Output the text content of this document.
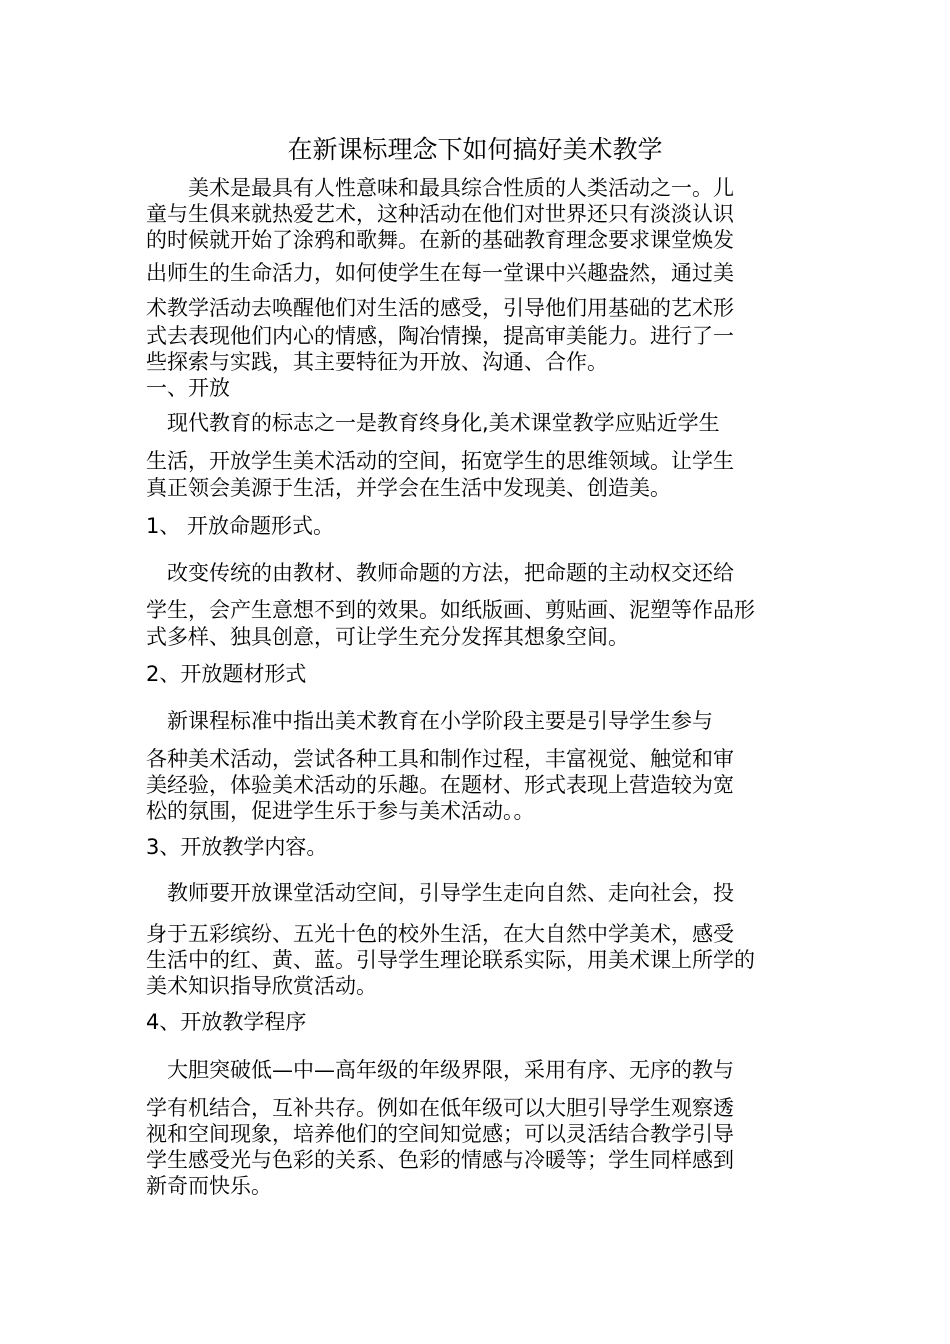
在新课标理念下如何搞好美术教学
　　美术是最具有人性意味和最具综合性质的人类活动之一。儿
童与生俱来就热爱艺术，这种活动在他们对世界还只有淡淡认识
的时候就开始了涂鸦和歌舞。在新的基础教育理念要求课堂焕发
出师生的生命活力，如何使学生在每一堂课中兴趣盎然，通过美
术教学活动去唤醒他们对生活的感受，引导他们用基础的艺术形
式去表现他们内心的情感，陶冶情操，提高审美能力。进行了一
些探索与实践，其主要特征为开放、沟通、合作。
一、开放
　现代教育的标志之一是教育终身化,美术课堂教学应贴近学生
生活，开放学生美术活动的空间，拓宽学生的思维领域。让学生
真正领会美源于生活，并学会在生活中发现美、创造美。
1、 开放命题形式。
　改变传统的由教材、教师命题的方法，把命题的主动权交还给
学生，会产生意想不到的效果。如纸版画、剪贴画、泥塑等作品形
式多样、独具创意，可让学生充分发挥其想象空间。
2、开放题材形式
　新课程标准中指出美术教育在小学阶段主要是引导学生参与
各种美术活动，尝试各种工具和制作过程，丰富视觉、触觉和审
美经验，体验美术活动的乐趣。在题材、形式表现上营造较为宽
松的氛围，促进学生乐于参与美术活动。。
3、开放教学内容。
　教师要开放课堂活动空间，引导学生走向自然、走向社会，投
身于五彩缤纷、五光十色的校外生活，在大自然中学美术，感受
生活中的红、黄、蓝。引导学生理论联系实际，用美术课上所学的
美术知识指导欣赏活动。
4、开放教学程序
　大胆突破低—中—高年级的年级界限，采用有序、无序的教与
学有机结合，互补共存。例如在低年级可以大胆引导学生观察透
视和空间现象，培养他们的空间知觉感；可以灵活结合教学引导
学生感受光与色彩的关系、色彩的情感与冷暖等；学生同样感到
新奇而快乐。
